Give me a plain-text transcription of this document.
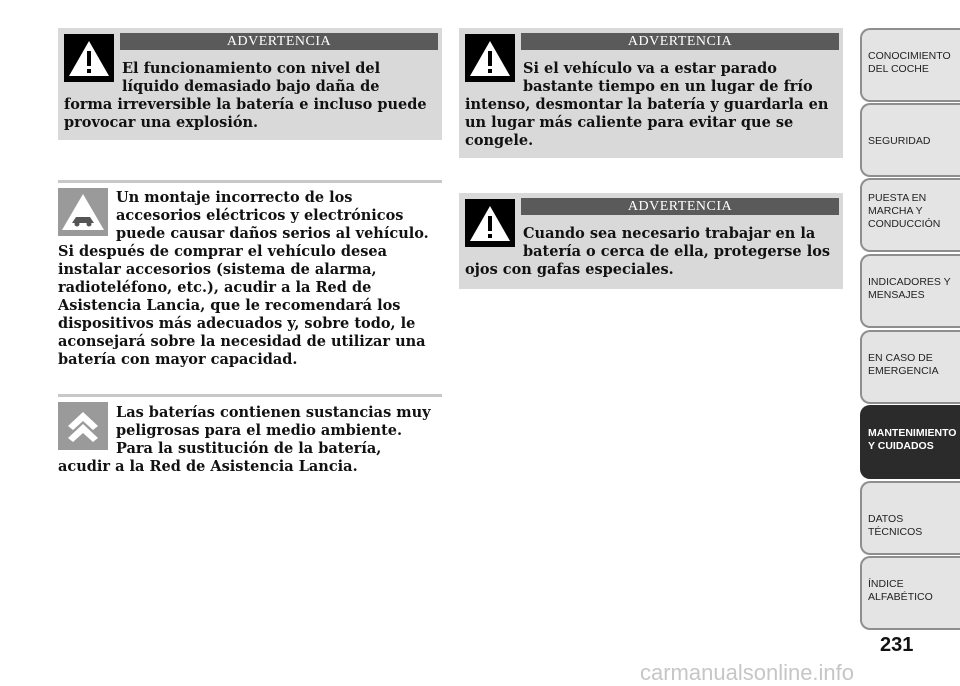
ADVERTENCIA

El funcionamiento con nivel del líquido demasiado bajo daña de
forma irreversible la batería e incluso puede provocar una explosión.

Un montaje incorrecto de los accesorios eléctricos y electrónicos puede causar daños serios al vehículo.
Si después de comprar el vehículo desea instalar accesorios (sistema de alarma, radioteléfono, etc.), acudir a la Red de Asistencia Lancia, que le recomendará los dispositivos más adecuados y, sobre todo, le aconsejará sobre la necesidad de utilizar una batería con mayor capacidad.

Las baterías contienen sustancias muy peligrosas para el medio ambiente. Para la sustitución de la batería,
acudir a la Red de Asistencia Lancia.

ADVERTENCIA

Si el vehículo va a estar parado bastante tiempo en un lugar de frío
intenso, desmontar la batería y guardarla en un lugar más caliente para evitar que se congele.

ADVERTENCIA

Cuando sea necesario trabajar en la batería o cerca de ella, protegerse los
ojos con gafas especiales.

CONOCIMIENTO
DEL COCHE
SEGURIDAD
PUESTA EN
MARCHA Y
CONDUCCIÓN
INDICADORES Y
MENSAJES
EN CASO DE
EMERGENCIA
MANTENIMIENTO
Y CUIDADOS
DATOS TÉCNICOS
ÍNDICE
ALFABÉTICO
231
carmanualsonline.info
